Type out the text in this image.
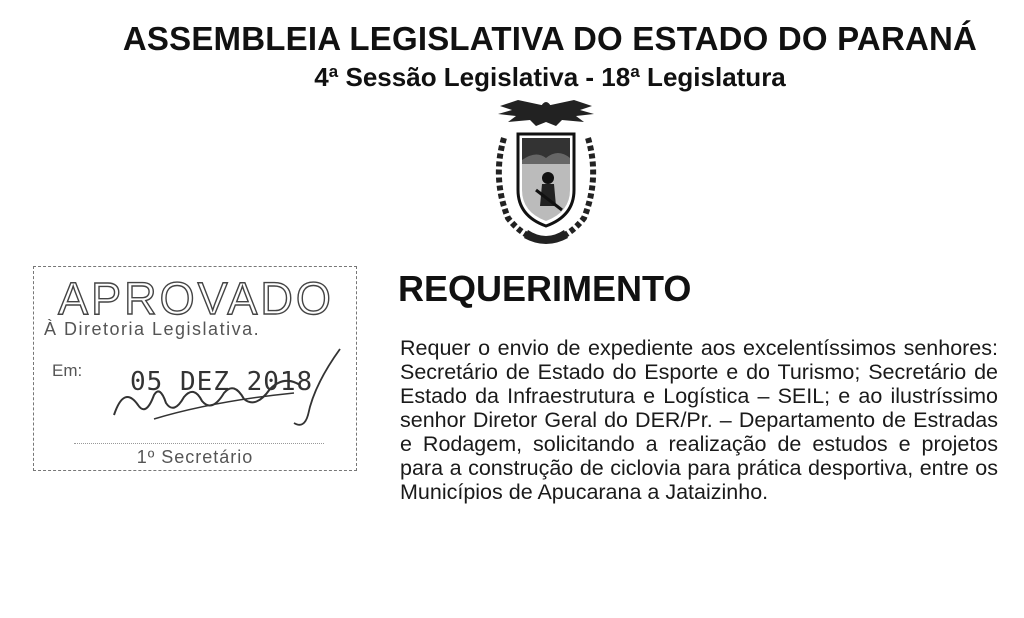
ASSEMBLEIA LEGISLATIVA DO ESTADO DO PARANÁ
4ª Sessão Legislativa - 18ª Legislatura
APROVADO
À Diretoria Legislativa.
Em: 05 DEZ 2018
1º Secretário
REQUERIMENTO
Requer o envio de expediente aos excelentíssimos senhores: Secretário de Estado do Esporte e do Turismo; Secretário de Estado da Infraestrutura e Logística – SEIL; e ao ilustríssimo senhor Diretor Geral do DER/Pr. – Departamento de Estradas e Rodagem, solicitando a realização de estudos e projetos para a construção de ciclovia para prática desportiva, entre os Municípios de Apucarana a Jataizinho.
